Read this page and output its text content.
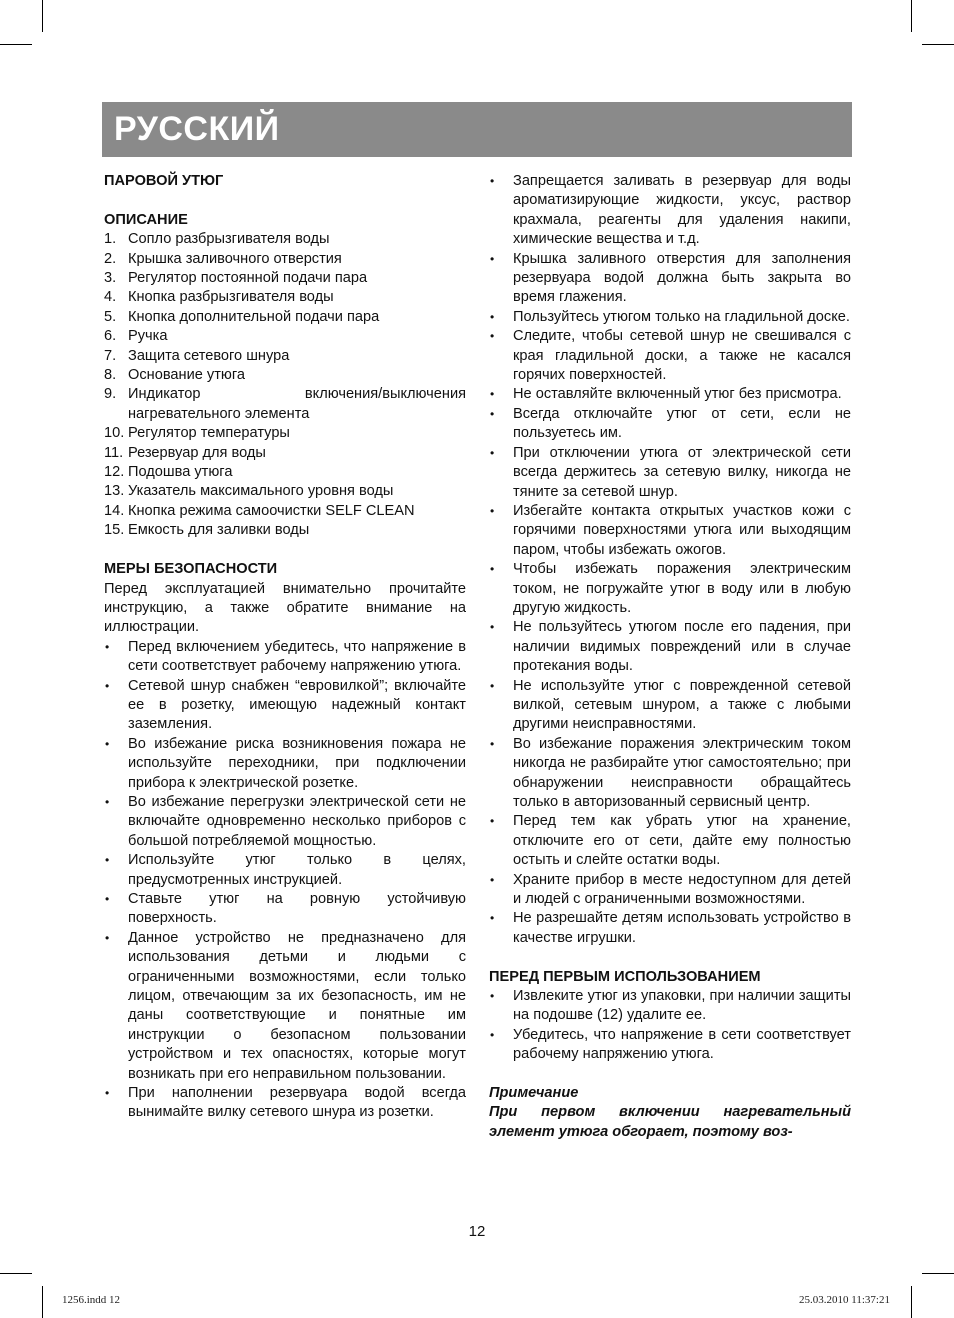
РУССКИЙ

ПАРОВОЙ УТЮГ

ОПИСАНИЕ

1. Сопло разбрызгивателя воды
2. Крышка заливочного отверстия
3. Регулятор постоянной подачи пара
4. Кнопка разбрызгивателя воды
5. Кнопка дополнительной подачи пара
6. Ручка
7. Защита сетевого шнура
8. Основание утюга
9. Индикатор включения/выключения нагревательного элемента
10. Регулятор температуры
11. Резервуар для воды
12. Подошва утюга
13. Указатель максимального уровня воды
14. Кнопка режима самоочистки SELF CLEAN
15. Емкость для заливки воды

МЕРЫ БЕЗОПАСНОСТИ

Перед эксплуатацией внимательно прочитайте инструкцию, а также обратите внимание на иллюстрации.

• Перед включением убедитесь, что напряжение в сети соответствует рабочему напряжению утюга.
• Сетевой шнур снабжен “евровилкой”; включайте ее в розетку, имеющую надежный контакт заземления.
• Во избежание риска возникновения пожара не используйте переходники, при подключении прибора к электрической розетке.
• Во избежание перегрузки электрической сети не включайте одновременно несколько приборов с большой потребляемой мощностью.
• Используйте утюг только в целях, предусмотренных инструкцией.
• Ставьте утюг на ровную устойчивую поверхность.
• Данное устройство не предназначено для использования детьми и людьми с ограниченными возможностями, если только лицом, отвечающим за их безопасность, им не даны соответствующие и понятные им инструкции о безопасном пользовании устройством и тех опасностях, которые могут возникать при его неправильном пользовании.
• При наполнении резервуара водой всегда вынимайте вилку сетевого шнура из розетки.
• Запрещается заливать в резервуар для воды ароматизирующие жидкости, уксус, раствор крахмала, реагенты для удаления накипи, химические вещества и т.д.
• Крышка заливного отверстия для заполнения резервуара водой должна быть закрыта во время глажения.
• Пользуйтесь утюгом только на гладильной доске.
• Следите, чтобы сетевой шнур не свешивался с края гладильной доски, а также не касался горячих поверхностей.
• Не оставляйте включенный утюг без присмотра.
• Всегда отключайте утюг от сети, если не пользуетесь им.
• При отключении утюга от электрической сети всегда держитесь за сетевую вилку, никогда не тяните за сетевой шнур.
• Избегайте контакта открытых участков кожи с горячими поверхностями утюга или выходящим паром, чтобы избежать ожогов.
• Чтобы избежать поражения электрическим током, не погружайте утюг в воду или в любую другую жидкость.
• Не пользуйтесь утюгом после его падения, при наличии видимых повреждений или в случае протекания воды.
• Не используйте утюг с поврежденной сетевой вилкой, сетевым шнуром, а также с любыми другими неисправностями.
• Во избежание поражения электрическим током никогда не разбирайте утюг самостоятельно; при обнаружении неисправности обращайтесь только в авторизованный сервисный центр.
• Перед тем как убрать утюг на хранение, отключите его от сети, дайте ему полностью остыть и слейте остатки воды.
• Храните прибор в месте недоступном для детей и людей с ограниченными возможностями.
• Не разрешайте детям использовать устройство в качестве игрушки.

ПЕРЕД ПЕРВЫМ ИСПОЛЬЗОВАНИЕМ

• Извлеките утюг из упаковки, при наличии защиты на подошве (12) удалите ее.
• Убедитесь, что напряжение в сети соответствует рабочему напряжению утюга.

Примечание

При первом включении нагревательный элемент утюга обгорает, поэтому воз-

12
1256.indd 12	25.03.2010 11:37:21
